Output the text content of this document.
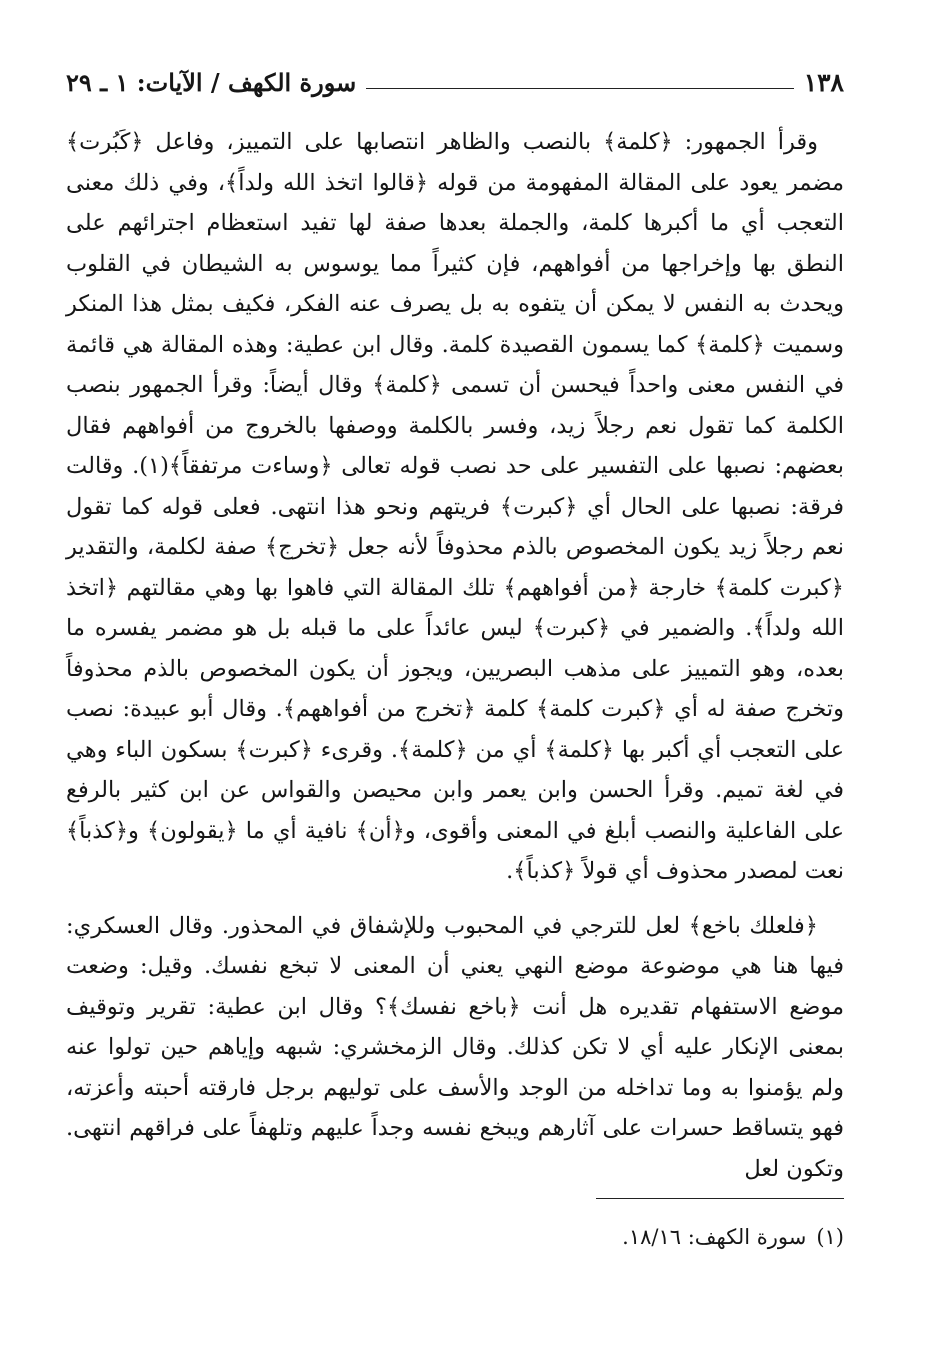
١٣٨
سورة الكهف / الآيات: ١ ـ ٢٩

وقرأ الجمهور: ﴿كلمة﴾ بالنصب والظاهر انتصابها على التمييز، وفاعل ﴿كَبُرت﴾ مضمر يعود على المقالة المفهومة من قوله ﴿قالوا اتخذ الله ولداً﴾، وفي ذلك معنى التعجب أي ما أكبرها كلمة، والجملة بعدها صفة لها تفيد استعظام اجترائهم على النطق بها وإخراجها من أفواههم، فإن كثيراً مما يوسوس به الشيطان في القلوب ويحدث به النفس لا يمكن أن يتفوه به بل يصرف عنه الفكر، فكيف بمثل هذا المنكر وسميت ﴿كلمة﴾ كما يسمون القصيدة كلمة. وقال ابن عطية: وهذه المقالة هي قائمة في النفس معنى واحداً فيحسن أن تسمى ﴿كلمة﴾ وقال أيضاً: وقرأ الجمهور بنصب الكلمة كما تقول نعم رجلاً زيد، وفسر بالكلمة ووصفها بالخروج من أفواههم فقال بعضهم: نصبها على التفسير على حد نصب قوله تعالى ﴿وساءت مرتفقاً﴾(١). وقالت فرقة: نصبها على الحال أي ﴿كبرت﴾ فريتهم ونحو هذا انتهى. فعلى قوله كما تقول نعم رجلاً زيد يكون المخصوص بالذم محذوفاً لأنه جعل ﴿تخرج﴾ صفة لكلمة، والتقدير ﴿كبرت كلمة﴾ خارجة ﴿من أفواههم﴾ تلك المقالة التي فاهوا بها وهي مقالتهم ﴿اتخذ الله ولداً﴾. والضمير في ﴿كبرت﴾ ليس عائداً على ما قبله بل هو مضمر يفسره ما بعده، وهو التمييز على مذهب البصريين، ويجوز أن يكون المخصوص بالذم محذوفاً وتخرج صفة له أي ﴿كبرت كلمة﴾ كلمة ﴿تخرج من أفواههم﴾. وقال أبو عبيدة: نصب على التعجب أي أكبر بها ﴿كلمة﴾ أي من ﴿كلمة﴾. وقرىء ﴿كبرت﴾ بسكون الباء وهي في لغة تميم. وقرأ الحسن وابن يعمر وابن محيصن والقواس عن ابن كثير بالرفع على الفاعلية والنصب أبلغ في المعنى وأقوى، و﴿أن﴾ نافية أي ما ﴿يقولون﴾ و﴿كذباً﴾ نعت لمصدر محذوف أي قولاً ﴿كذباً﴾.

﴿فلعلك باخع﴾ لعل للترجي في المحبوب وللإشفاق في المحذور. وقال العسكري: فيها هنا هي موضوعة موضع النهي يعني أن المعنى لا تبخع نفسك. وقيل: وضعت موضع الاستفهام تقديره هل أنت ﴿باخع نفسك﴾؟ وقال ابن عطية: تقرير وتوقيف بمعنى الإنكار عليه أي لا تكن كذلك. وقال الزمخشري: شبهه وإياهم حين تولوا عنه ولم يؤمنوا به وما تداخله من الوجد والأسف على توليهم برجل فارقته أحبته وأعزته، فهو يتساقط حسرات على آثارهم ويبخع نفسه وجداً عليهم وتلهفاً على فراقهم انتهى. وتكون لعل

(١)سورة الكهف: ١٨/١٦.
